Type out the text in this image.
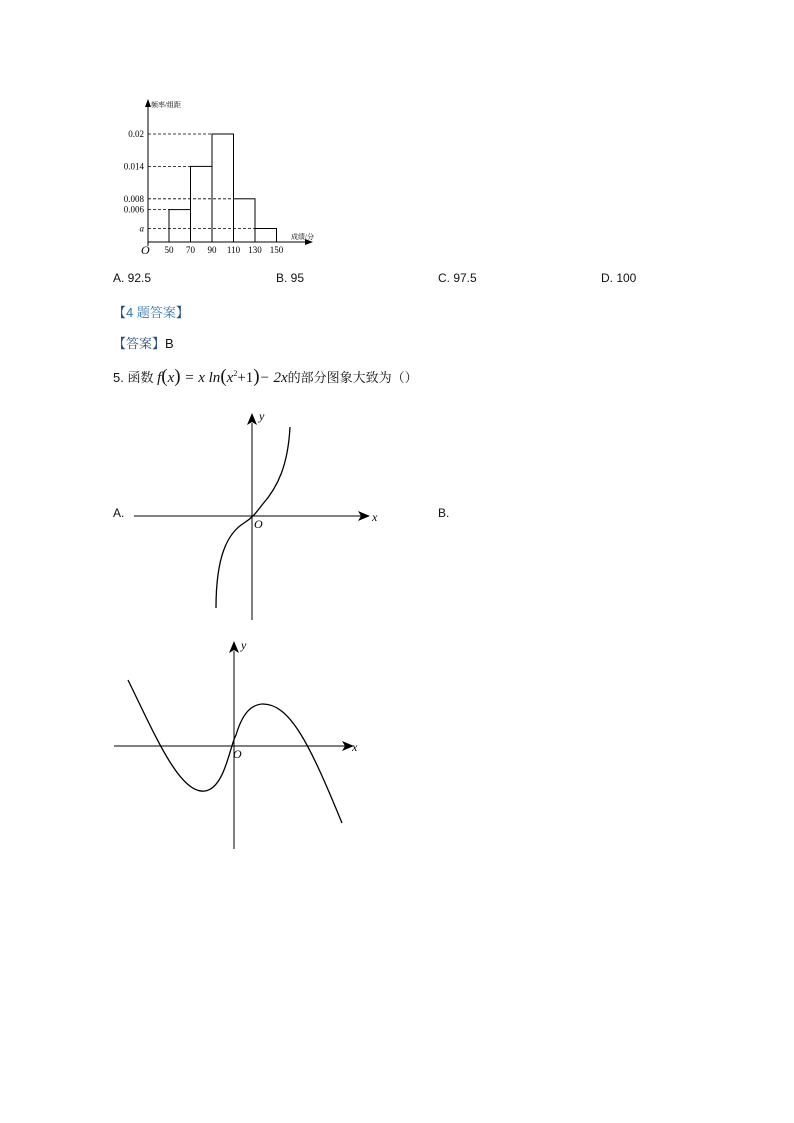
0.02
0.014
0.008
0.006
a
50 70 90 110 130 150
频率/组距
成绩/分
O
A. 92.5	B. 95	C. 97.5	D. 100
【4 题答案】
【答案】B
5. 函数 f(x) = x $\ln(x^2+1)- 2x$的部分图象大致为（）
A.	B.
x
y
O
x
y
O
